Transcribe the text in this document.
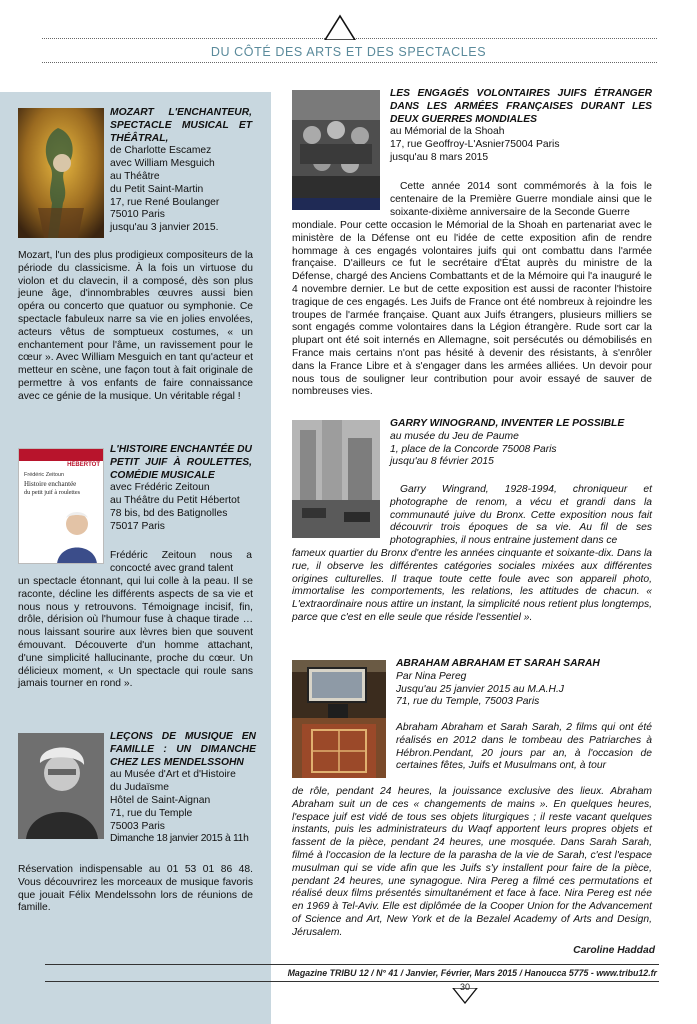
DU CÔTÉ DES ARTS ET DES SPECTACLES
MOZART L'ENCHANTEUR, SPECTACLE MUSICAL ET THÉÂTRAL,
de Charlotte Escamez
avec William Mesguich
au Théâtre
du Petit Saint-Martin
17, rue René Boulanger
75010 Paris
jusqu'au 3 janvier 2015.
Mozart, l'un des plus prodigieux compositeurs de la période du classicisme. À la fois un virtuose du violon et du clavecin, il a composé, dès son plus jeune âge, d'innombrables œuvres aussi bien opéra ou concerto que quatuor ou symphonie. Ce spectacle fabuleux narre sa vie en jolies envolées, acteurs vêtus de somptueux costumes, « un enchantement pour l'âme, un ravissement pour le cœur ». Avec William Mesguich en tant qu'acteur et metteur en scène, une façon tout à fait originale de permettre à vos enfants de faire connaissance avec ce génie de la musique. Un véritable régal !
HÉBERTOT
Frédéric Zeitoun
Histoire enchantée
du petit juif à roulettes
L'HISTOIRE ENCHANTÉE DU PETIT JUIF À ROULETTES, COMÉDIE MUSICALE
avec Frédéric Zeitoun
au Théâtre du Petit Hébertot
78 bis, bd des Batignolles
75017 Paris
Frédéric Zeitoun nous a concocté avec grand talent
un spectacle étonnant, qui lui colle à la peau. Il se raconte, décline les différents aspects de sa vie et nous nous y retrouvons. Témoignage incisif, fin, drôle, dérision où l'humour fuse à chaque tirade … nous laissant sourire aux lèvres bien que souvent émouvant. Découverte d'un homme attachant, d'une simplicité hallucinante, proche du cœur. Un délicieux moment, « Un spectacle qui roule sans jamais tourner en rond ».
LEÇONS DE MUSIQUE EN FAMILLE : UN DIMANCHE CHEZ LES MENDELSSOHN
au Musée d'Art et d'Histoire
du Judaïsme
Hôtel de Saint-Aignan
71, rue du Temple
75003 Paris
Dimanche 18 janvier 2015 à 11h
Réservation indispensable au 01 53 01 86 48. Vous découvrirez les morceaux de musique favoris que jouait Félix Mendelssohn lors de réunions de famille.
LES ENGAGÉS VOLONTAIRES JUIFS ÉTRANGER DANS LES ARMÉES FRANÇAISES DURANT LES DEUX GUERRES MONDIALES
au Mémorial de la Shoah
17, rue Geoffroy-L'Asnier75004 Paris
jusqu'au 8 mars 2015
Cette année 2014 sont commémorés à la fois le centenaire de la Première Guerre mondiale ainsi que le soixante-dixième anniversaire de la Seconde Guerre
mondiale. Pour cette occasion le Mémorial de la Shoah en partenariat avec le ministère de la Défense ont eu l'idée de cette exposition afin de rendre hommage à ces engagés volontaires juifs qui ont combattu dans l'armée française. D'ailleurs ce fut le secrétaire d'État auprès du ministre de la Défense, chargé des Anciens Combattants et de la Mémoire qui l'a inauguré le 4 novembre dernier. Le but de cette exposition est aussi de raconter l'histoire tragique de ces engagés. Les Juifs de France ont été nombreux à rejoindre les troupes de l'armée française. Quant aux Juifs étrangers, plusieurs milliers se sont engagés comme volontaires dans la Légion étrangère. Rude sort car la plupart ont été soit internés en Allemagne, soit persécutés ou démobilisés en France mais certains n'ont pas hésité à devenir des résistants, à s'enrôler dans la France Libre et à s'engager dans les armées alliées. Un devoir pour nous tous de souligner leur contribution pour avoir essayé de sauver de nombreuses vies.
GARRY WINOGRAND, INVENTER LE POSSIBLE
au musée du Jeu de Paume
1, place de la Concorde 75008 Paris
jusqu'au 8 février 2015
Garry Wingrand, 1928-1994, chroniqueur et photographe de renom, a vécu et grandi dans la communauté juive du Bronx. Cette exposition nous fait découvrir trois époques de sa vie. Au fil de ses photographies, il nous entraine justement dans ce
fameux quartier du Bronx d'entre les années cinquante et soixante-dix. Dans la rue, il observe les différentes catégories sociales mixées aux différentes origines culturelles. Il traque toute cette foule avec son appareil photo, immortalise les comportements, les relations, les attitudes de chacun. « L'extraordinaire nous attire un instant, la simplicité nous retient plus longtemps, parce que c'est en elle seule que réside l'essentiel ».
ABRAHAM ABRAHAM ET SARAH SARAH
Par Nina Pereg
Jusqu'au 25 janvier 2015 au M.A.H.J
71, rue du Temple, 75003 Paris
Abraham Abraham et Sarah Sarah, 2 films qui ont été réalisés en 2012 dans le tombeau des Patriarches à Hébron.Pendant, 20 jours par an, à l'occasion de certaines fêtes, Juifs et Musulmans ont, à tour
de rôle, pendant 24 heures, la jouissance exclusive des lieux. Abraham Abraham suit un de ces « changements de mains ». En quelques heures, l'espace juif est vidé de tous ses objets liturgiques ; il reste vacant quelques instants, puis les administrateurs du Waqf apportent leurs propres objets et fassent de la pièce, pendant 24 heures, une mosquée. Dans Sarah Sarah, filmé à l'occasion de la lecture de la parasha de la vie de Sarah, c'est l'espace musulman qui se vide afin que les Juifs s'y installent pour faire de la pièce, pendant 24 heures, une synagogue. Nira Pereg a filmé ces permutations et réalisé deux films présentés simultanément et face à face. Nira Pereg est née en 1969 à Tel-Aviv. Elle est diplômée de la Cooper Union for the Advancement of Science and Art, New York et de la Bezalel Academy of Arts and Design, Jérusalem.
Caroline Haddad
Magazine TRIBU 12 / N° 41 / Janvier, Février, Mars 2015 / Hanoucca 5775 - www.tribu12.fr
30
